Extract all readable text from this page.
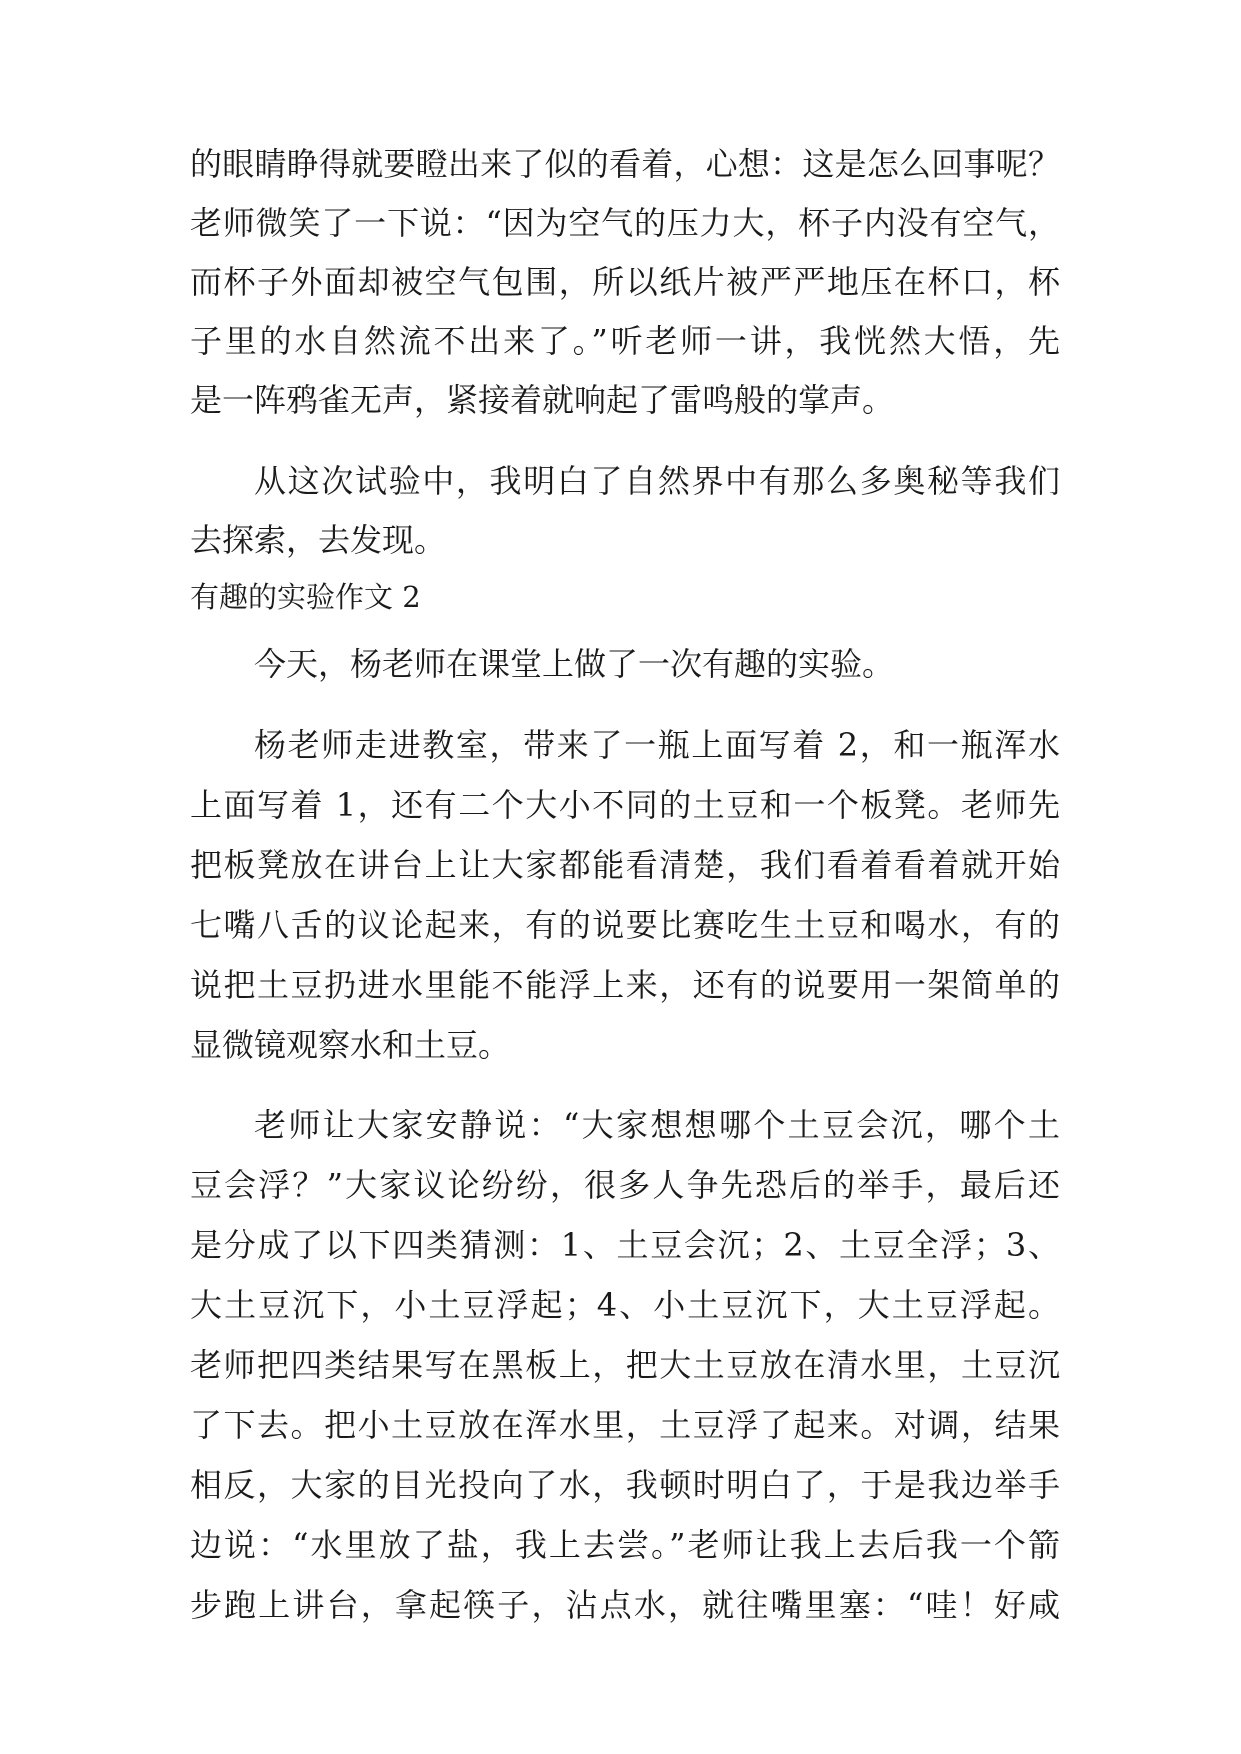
的眼睛睁得就要瞪出来了似的看着，心想：这是怎么回事呢？
老师微笑了一下说：“因为空气的压力大，杯子内没有空气，
而杯子外面却被空气包围，所以纸片被严严地压在杯口，杯
子里的水自然流不出来了。”听老师一讲，我恍然大悟，先
是一阵鸦雀无声，紧接着就响起了雷鸣般的掌声。
从这次试验中，我明白了自然界中有那么多奥秘等我们
去探索，去发现。
有趣的实验作文 2
今天，杨老师在课堂上做了一次有趣的实验。
杨老师走进教室，带来了一瓶上面写着 2，和一瓶浑水
上面写着 1，还有二个大小不同的土豆和一个板凳。老师先
把板凳放在讲台上让大家都能看清楚，我们看着看着就开始
七嘴八舌的议论起来，有的说要比赛吃生土豆和喝水，有的
说把土豆扔进水里能不能浮上来，还有的说要用一架简单的
显微镜观察水和土豆。
老师让大家安静说：“大家想想哪个土豆会沉，哪个土
豆会浮？”大家议论纷纷，很多人争先恐后的举手，最后还
是分成了以下四类猜测：1、土豆会沉；2、土豆全浮；3、
大土豆沉下，小土豆浮起；4、小土豆沉下，大土豆浮起。
老师把四类结果写在黑板上，把大土豆放在清水里，土豆沉
了下去。把小土豆放在浑水里，土豆浮了起来。对调，结果
相反，大家的目光投向了水，我顿时明白了，于是我边举手
边说：“水里放了盐，我上去尝。”老师让我上去后我一个箭
步跑上讲台，拿起筷子，沾点水，就往嘴里塞：“哇！好咸
